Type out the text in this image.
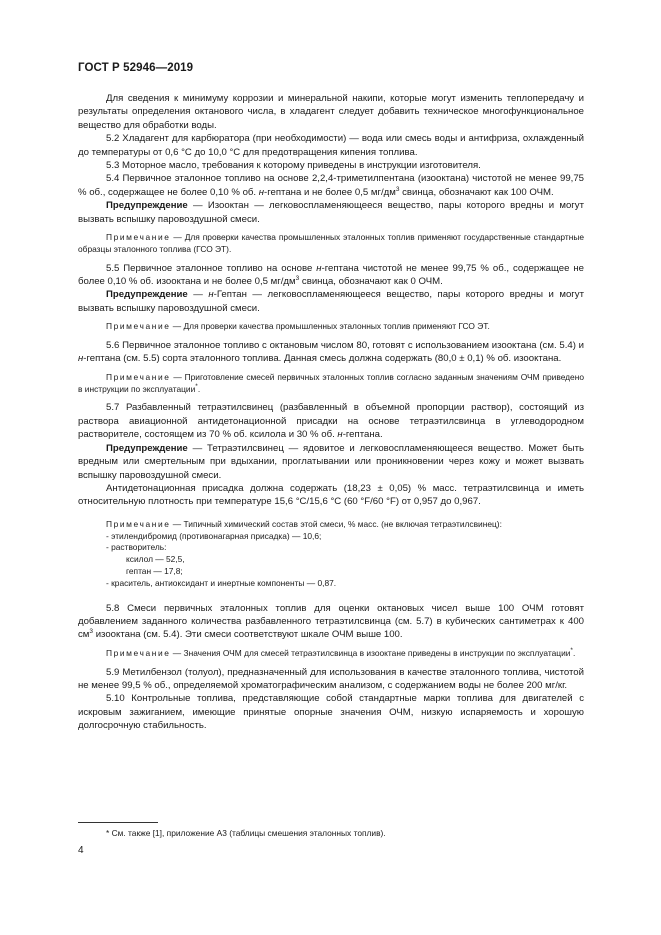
ГОСТ Р 52946—2019

Для сведения к минимуму коррозии и минеральной накипи, которые могут изменить теплопередачу и результаты определения октанового числа, в хладагент следует добавить техническое многофункциональное вещество для обработки воды.

5.2 Хладагент для карбюратора (при необходимости) — вода или смесь воды и антифриза, охлажденный до температуры от 0,6 °С до 10,0 °С для предотвращения кипения топлива.

5.3 Моторное масло, требования к которому приведены в инструкции изготовителя.

5.4 Первичное эталонное топливо на основе 2,2,4-триметилпентана (изооктана) чистотой не менее 99,75 % об., содержащее не более 0,10 % об. н-гептана и не более 0,5 $мг/дм^3$ свинца, обозначают как 100 ОЧМ.

Предупреждение — Изооктан — легковоспламеняющееся вещество, пары которого вредны и могут вызвать вспышку паровоздушной смеси.

Примечание — Для проверки качества промышленных эталонных топлив применяют государственные стандартные образцы эталонного топлива (ГСО ЭТ).

5.5 Первичное эталонное топливо на основе н-гептана чистотой не менее 99,75 % об., содержащее не более 0,10 % об. изооктана и не более 0,5 $мг/дм^3$ свинца, обозначают как 0 ОЧМ.

Предупреждение — н-Гептан — легковоспламеняющееся вещество, пары которого вредны и могут вызвать вспышку паровоздушной смеси.

Примечание — Для проверки качества промышленных эталонных топлив применяют ГСО ЭТ.

5.6 Первичное эталонное топливо с октановым числом 80, готовят с использованием изооктана (см. 5.4) и н-гептана (см. 5.5) сорта эталонного топлива. Данная смесь должна содержать (80,0 ± 0,1) % об. изооктана.

Примечание — Приготовление смесей первичных эталонных топлив согласно заданным значениям ОЧМ приведено в инструкции по эксплуатации*.

5.7 Разбавленный тетраэтилсвинец (разбавленный в объемной пропорции раствор), состоящий из раствора авиационной антидетонационной присадки на основе тетраэтилсвинца в углеводородном растворителе, состоящем из 70 % об. ксилола и 30 % об. н-гептана.

Предупреждение — Тетраэтилсвинец — ядовитое и легковоспламеняющееся вещество. Может быть вредным или смертельным при вдыхании, проглатывании или проникновении через кожу и может вызвать вспышку паровоздушной смеси.

Антидетонационная присадка должна содержать (18,23 ± 0,05) % масс. тетраэтилсвинца и иметь относительную плотность при температуре 15,6 °С/15,6 °С (60 °F/60 °F) от 0,957 до 0,967.

Примечание — Типичный химический состав этой смеси, % масс. (не включая тетраэтилсвинец):
- этилендибромид (противонагарная присадка) — 10,6;
- растворитель:
ксилол — 52,5,
гептан — 17,8;
- краситель, антиоксидант и инертные компоненты — 0,87.

5.8 Смеси первичных эталонных топлив для оценки октановых чисел выше 100 ОЧМ готовят добавлением заданного количества разбавленного тетраэтилсвинца (см. 5.7) в кубических сантиметрах к 400 $см^3$ изооктана (см. 5.4). Эти смеси соответствуют шкале ОЧМ выше 100.

Примечание — Значения ОЧМ для смесей тетраэтилсвинца в изооктане приведены в инструкции по эксплуатации*.

5.9 Метилбензол (толуол), предназначенный для использования в качестве эталонного топлива, чистотой не менее 99,5 % об., определяемой хроматографическим анализом, с содержанием воды не более 200 мг/кг.

5.10 Контрольные топлива, представляющие собой стандартные марки топлива для двигателей с искровым зажиганием, имеющие принятые опорные значения ОЧМ, низкую испаряемость и хорошую долгосрочную стабильность.

* См. также [1], приложение А3 (таблицы смешения эталонных топлив).
4
